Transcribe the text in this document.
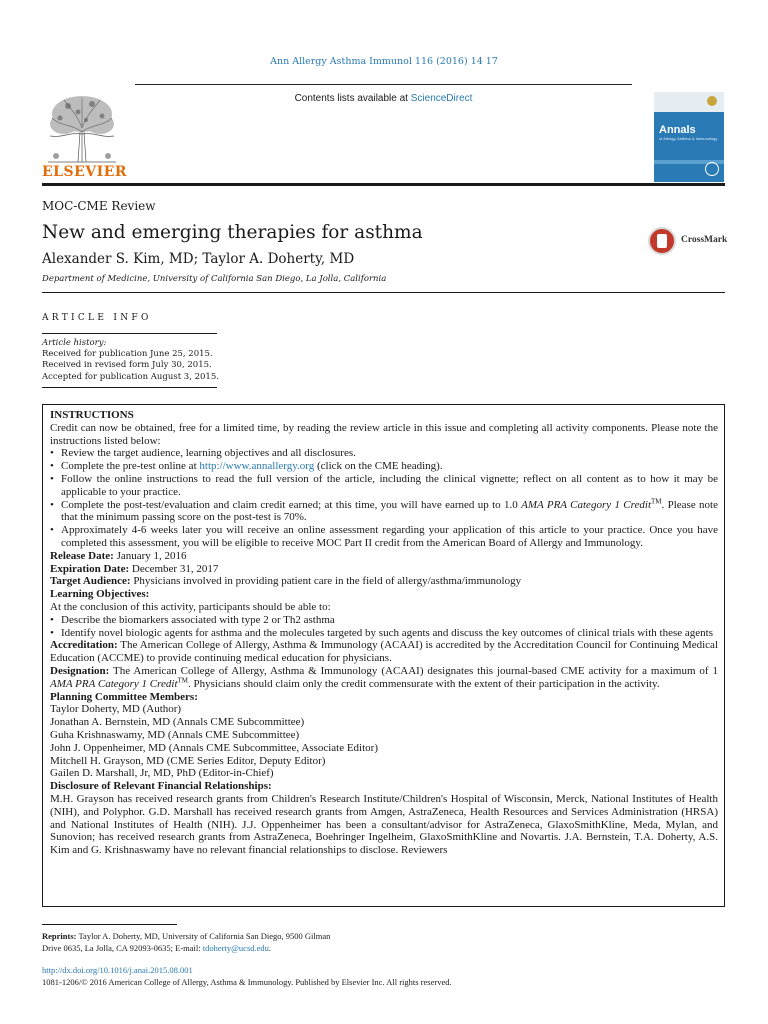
Ann Allergy Asthma Immunol 116 (2016) 14 17
Contents lists available at ScienceDirect
ELSEVIER
Annals
of Allergy, Asthma & Immunology
MOC-CME Review
New and emerging therapies for asthma	CrossMark
Alexander S. Kim, MD; Taylor A. Doherty, MD
Department of Medicine, University of California San Diego, La Jolla, California
ARTICLE INFO
Article history:
Received for publication June 25, 2015.
Received in revised form July 30, 2015.
Accepted for publication August 3, 2015.

INSTRUCTIONS

Credit can now be obtained, free for a limited time, by reading the review article in this issue and completing all activity components. Please note the instructions listed below:

• Review the target audience, learning objectives and all disclosures.
• Complete the pre-test online at http://www.annallergy.org (click on the CME heading).
• Follow the online instructions to read the full version of the article, including the clinical vignette; reflect on all content as to how it may be applicable to your practice.
• Complete the post-test/evaluation and claim credit earned; at this time, you will have earned up to 1.0 AMA PRA Category 1 Credit™. Please note that the minimum passing score on the post-test is 70%.
• Approximately 4-6 weeks later you will receive an online assessment regarding your application of this article to your practice. Once you have completed this assessment, you will be eligible to receive MOC Part II credit from the American Board of Allergy and Immunology.

Release Date: January 1, 2016

Expiration Date: December 31, 2017

Target Audience: Physicians involved in providing patient care in the field of allergy/asthma/immunology

Learning Objectives:

At the conclusion of this activity, participants should be able to:

• Describe the biomarkers associated with type 2 or Th2 asthma
• Identify novel biologic agents for asthma and the molecules targeted by such agents and discuss the key outcomes of clinical trials with these agents

Accreditation: The American College of Allergy, Asthma & Immunology (ACAAI) is accredited by the Accreditation Council for Continuing Medical Education (ACCME) to provide continuing medical education for physicians.

Designation: The American College of Allergy, Asthma & Immunology (ACAAI) designates this journal-based CME activity for a maximum of 1 AMA PRA Category 1 Credit™. Physicians should claim only the credit commensurate with the extent of their participation in the activity.

Planning Committee Members:

Taylor Doherty, MD (Author)

Jonathan A. Bernstein, MD (Annals CME Subcommittee)

Guha Krishnaswamy, MD (Annals CME Subcommittee)

John J. Oppenheimer, MD (Annals CME Subcommittee, Associate Editor)

Mitchell H. Grayson, MD (CME Series Editor, Deputy Editor)

Gailen D. Marshall, Jr, MD, PhD (Editor-in-Chief)

Disclosure of Relevant Financial Relationships:

M.H. Grayson has received research grants from Children's Research Institute/Children's Hospital of Wisconsin, Merck, National Institutes of Health (NIH), and Polyphor. G.D. Marshall has received research grants from Amgen, AstraZeneca, Health Resources and Services Administration (HRSA) and National Institutes of Health (NIH). J.J. Oppenheimer has been a consultant/advisor for AstraZeneca, GlaxoSmithKline, Meda, Mylan, and Sunovion; has received research grants from AstraZeneca, Boehringer Ingelheim, GlaxoSmithKline and Novartis. J.A. Bernstein, T.A. Doherty, A.S. Kim and G. Krishnaswamy have no relevant financial relationships to disclose. Reviewers

Reprints: Taylor A. Doherty, MD, University of California San Diego, 9500 Gilman
Drive 0635, La Jolla, CA 92093-0635; E-mail: tdoherty@ucsd.edu.
http://dx.doi.org/10.1016/j.anai.2015.08.001
1081-1206/© 2016 American College of Allergy, Asthma & Immunology. Published by Elsevier Inc. All rights reserved.
